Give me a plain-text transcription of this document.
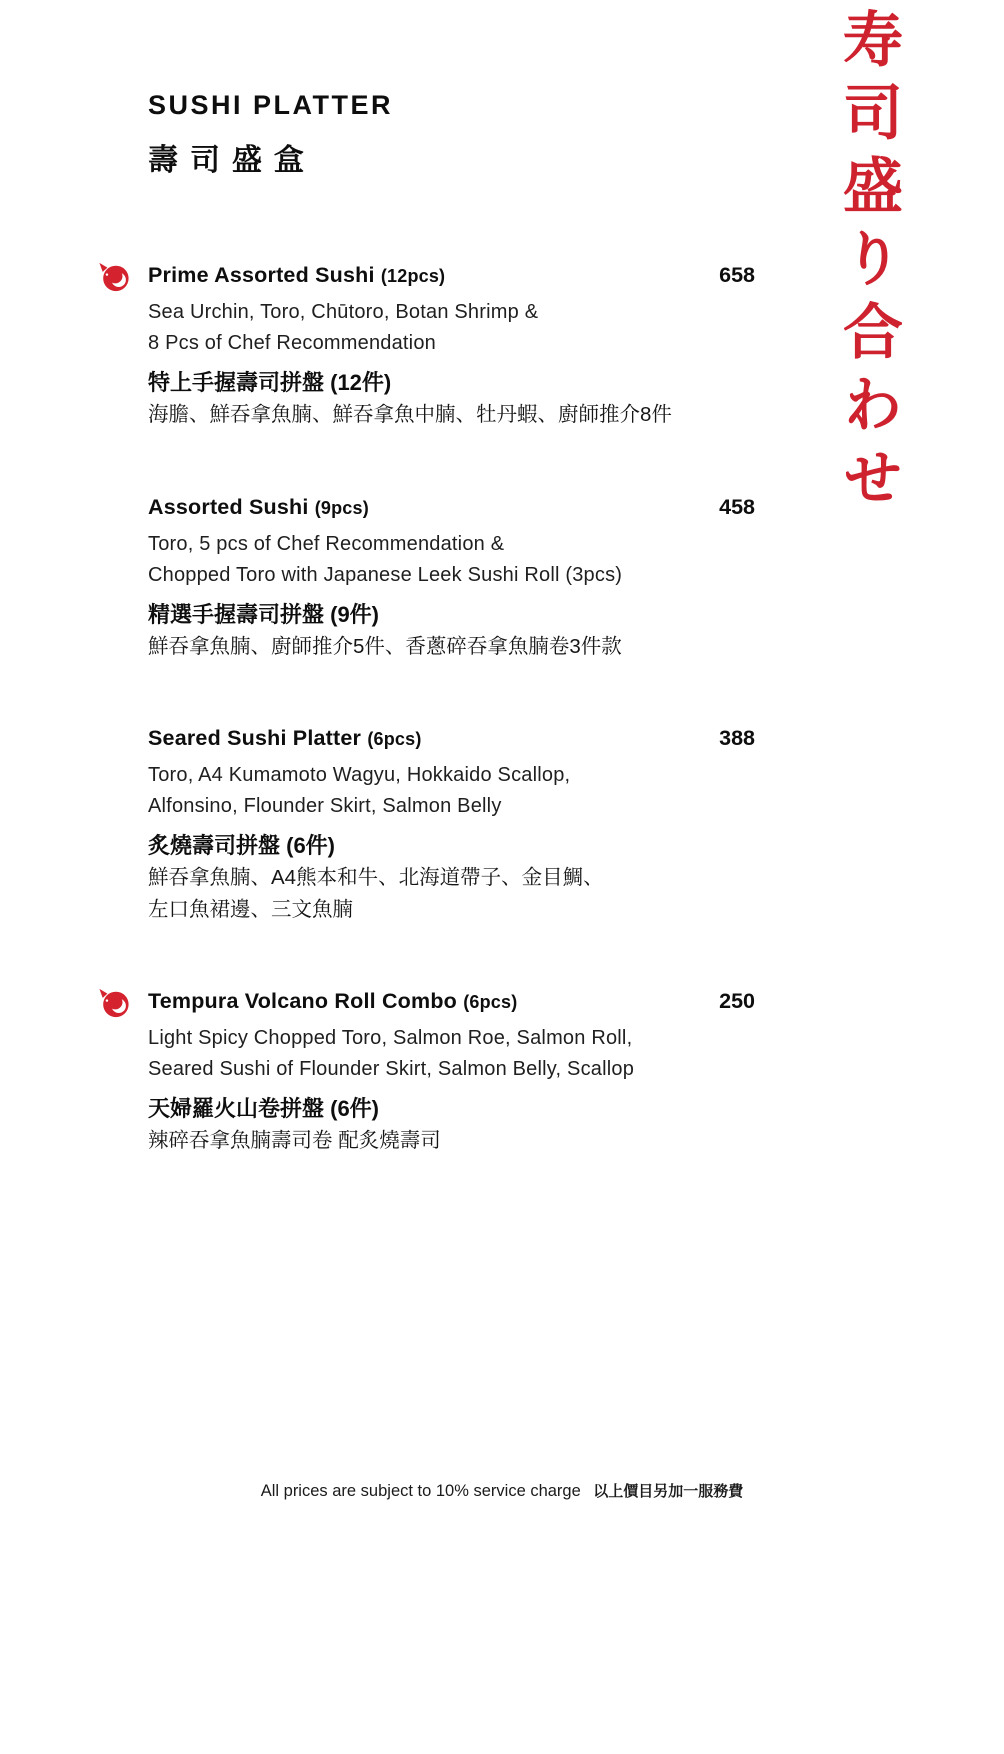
寿司盛り合わせ
SUSHI PLATTER
壽司盛盒
Prime Assorted Sushi (12pcs)	658
Sea Urchin, Toro, Chūtoro, Botan Shrimp &
8 Pcs of Chef Recommendation
特上手握壽司拼盤 (12件)
海膽、鮮吞拿魚腩、鮮吞拿魚中腩、牡丹蝦、廚師推介8件
Assorted Sushi (9pcs)	458
Toro, 5 pcs of Chef Recommendation &
Chopped Toro with Japanese Leek Sushi Roll (3pcs)
精選手握壽司拼盤 (9件)
鮮吞拿魚腩、廚師推介5件、香蔥碎吞拿魚腩卷3件款
Seared Sushi Platter (6pcs)	388
Toro, A4 Kumamoto Wagyu, Hokkaido Scallop,
Alfonsino, Flounder Skirt, Salmon Belly
炙燒壽司拼盤 (6件)
鮮吞拿魚腩、A4熊本和牛、北海道帶子、金目鯛、
左口魚裙邊、三文魚腩
Tempura Volcano Roll Combo (6pcs)	250
Light Spicy Chopped Toro, Salmon Roe, Salmon Roll,
Seared Sushi of Flounder Skirt, Salmon Belly, Scallop
天婦羅火山卷拼盤 (6件)
辣碎吞拿魚腩壽司卷 配炙燒壽司
All prices are subject to 10% service charge 以上價目另加一服務費
